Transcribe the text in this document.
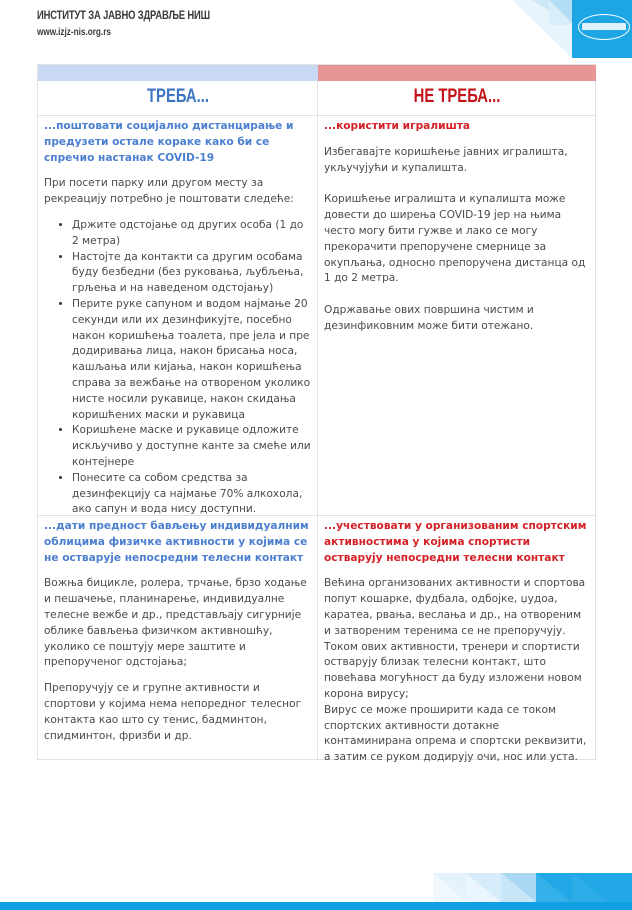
ИНСТИТУТ ЗА ЈАВНО ЗДРАВЉЕ НИШ
www.izjz-nis.org.rs
ТРЕБА...	НЕ ТРЕБА...

...поштовати социјално дистанцирање и предузети остале кораке како би се спречио настанак COVID-19

При посети парку или другом месту за рекреацију потребно је поштовати следеће:

• Држите одстојање од других особа (1 до 2 метра)
• Настојте да контакти са другим особама буду безбедни (без руковања, љубљења, грљења и на наведеном одстојању)
• Перите руке сапуном и водом најмање 20 секунди или их дезинфикујте, посебно након коришћења тоалета, пре јела и пре додиривања лица, након брисања носа, кашљања или кијања, након коришћења справа за вежбање на отвореном уколико нисте носили рукавице, након скидања коришћених маски и рукавица
• Коришћене маске и рукавице одложите искључиво у доступне канте за смеће или контејнере
• Понесите са собом средства за дезинфекцију са најмање 70% алкохола, ако сапун и вода нису доступни.

...користити игралишта

Избегавајте коришћење јавних игралишта, укључујући и купалишта.

Коришћење игралишта и купалишта може довести до ширења COVID-19 јер на њима често могу бити гужве и лако се могу прекорачити препоручене смернице за окупљања, односно препоручена дистанца од 1 до 2 метра.

Одржавање ових површина чистим и дезинфиковним може бити отежано.

...дати предност бављењу индивидуалним облицима физичке активности у којима се не остварује непосредни телесни контакт

Вожња бицикле, ролера, трчање, брзо ходање и пешачење, планинарење, индивидуалне телесне вежбе и др., представљају сигурније облике бављења физичком активношћу, уколико се поштују мере заштите и препорученог одстојања;

Препоручују се и групне активности и спортови у којима нема непоредног телесног контакта као што су тенис, бадминтон, спидминтон, фризби и др.

...учествовати у организованим спортским активностима у којима спортисти остварују непосредни телесни контакт

Већина организованих активности и спортова попут кошарке, фудбала, одбојке, џудоа, каратеа, рвања, веслања и др., на отвореним и затвореним теренима се не препоручују. Током ових активности, тренери и спортисти остварују близак телесни контакт, што повећава могућност да буду изложени новом корона вирусу;

Вирус се може проширити када се током спортских активности дотакне контаминирана опрема и спортски реквизити, а затим се руком додирују очи, нос или уста.
